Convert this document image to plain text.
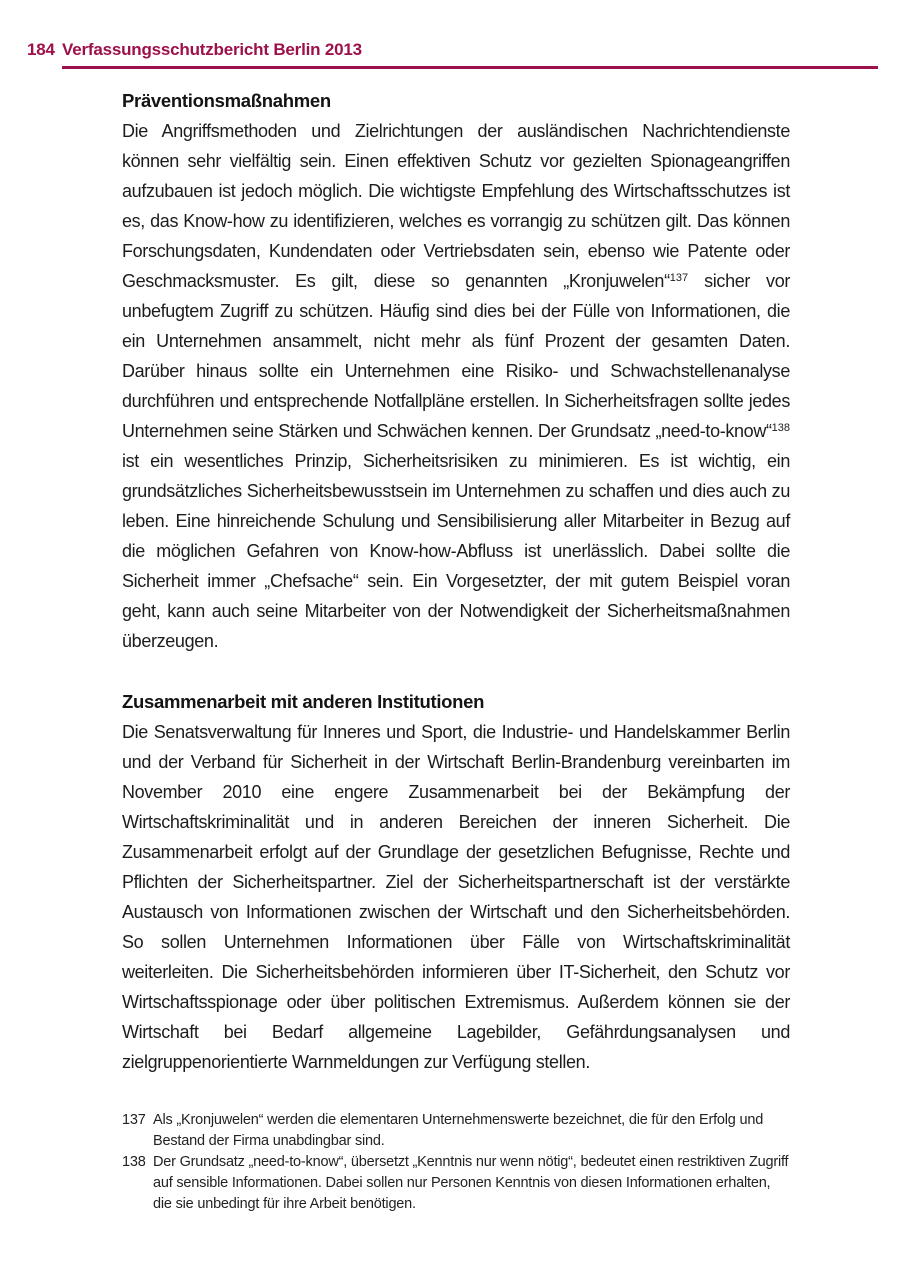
184 Verfassungsschutzbericht Berlin 2013
Präventionsmaßnahmen

Die Angriffsmethoden und Zielrichtungen der ausländischen Nachrichtendienste können sehr vielfältig sein. Einen effektiven Schutz vor gezielten Spionageangriffen aufzubauen ist jedoch möglich. Die wichtigste Empfehlung des Wirtschaftsschutzes ist es, das Know-how zu identifizieren, welches es vorrangig zu schützen gilt. Das können Forschungsdaten, Kundendaten oder Vertriebsdaten sein, ebenso wie Patente oder Geschmacksmuster. Es gilt, diese so genannten „Kronjuwelen“$^{137}$ sicher vor unbefugtem Zugriff zu schützen. Häufig sind dies bei der Fülle von Informationen, die ein Unternehmen ansammelt, nicht mehr als fünf Prozent der gesamten Daten. Darüber hinaus sollte ein Unternehmen eine Risiko- und Schwachstellenanalyse durchführen und entsprechende Notfallpläne erstellen. In Sicherheitsfragen sollte jedes Unternehmen seine Stärken und Schwächen kennen. Der Grundsatz „need-to-know“$^{138}$ ist ein wesentliches Prinzip, Sicherheitsrisiken zu minimieren. Es ist wichtig, ein grundsätzliches Sicherheitsbewusstsein im Unternehmen zu schaffen und dies auch zu leben. Eine hinreichende Schulung und Sensibilisierung aller Mitarbeiter in Bezug auf die möglichen Gefahren von Know-how-Abfluss ist unerlässlich. Dabei sollte die Sicherheit immer „Chefsache“ sein. Ein Vorgesetzter, der mit gutem Beispiel voran geht, kann auch seine Mitarbeiter von der Notwendigkeit der Sicherheitsmaßnahmen überzeugen.

Zusammenarbeit mit anderen Institutionen

Die Senatsverwaltung für Inneres und Sport, die Industrie- und Handelskammer Berlin und der Verband für Sicherheit in der Wirtschaft Berlin-Brandenburg vereinbarten im November 2010 eine engere Zusammenarbeit bei der Bekämpfung der Wirtschaftskriminalität und in anderen Bereichen der inneren Sicherheit. Die Zusammenarbeit erfolgt auf der Grundlage der gesetzlichen Befugnisse, Rechte und Pflichten der Sicherheitspartner. Ziel der Sicherheitspartnerschaft ist der verstärkte Austausch von Informationen zwischen der Wirtschaft und den Sicherheitsbehörden. So sollen Unternehmen Informationen über Fälle von Wirtschaftskriminalität weiterleiten. Die Sicherheitsbehörden informieren über IT-Sicherheit, den Schutz vor Wirtschaftsspionage oder über politischen Extremismus. Außerdem können sie der Wirtschaft bei Bedarf allgemeine Lagebilder, Gefährdungsanalysen und zielgruppenorientierte Warnmeldungen zur Verfügung stellen.

137 Als „Kronjuwelen“ werden die elementaren Unternehmenswerte bezeichnet, die für den Erfolg und Bestand der Firma unabdingbar sind.
138 Der Grundsatz „need-to-know“, übersetzt „Kenntnis nur wenn nötig“, bedeutet einen restriktiven Zugriff auf sensible Informationen. Dabei sollen nur Personen Kenntnis von diesen Informationen erhalten, die sie unbedingt für ihre Arbeit benötigen.
